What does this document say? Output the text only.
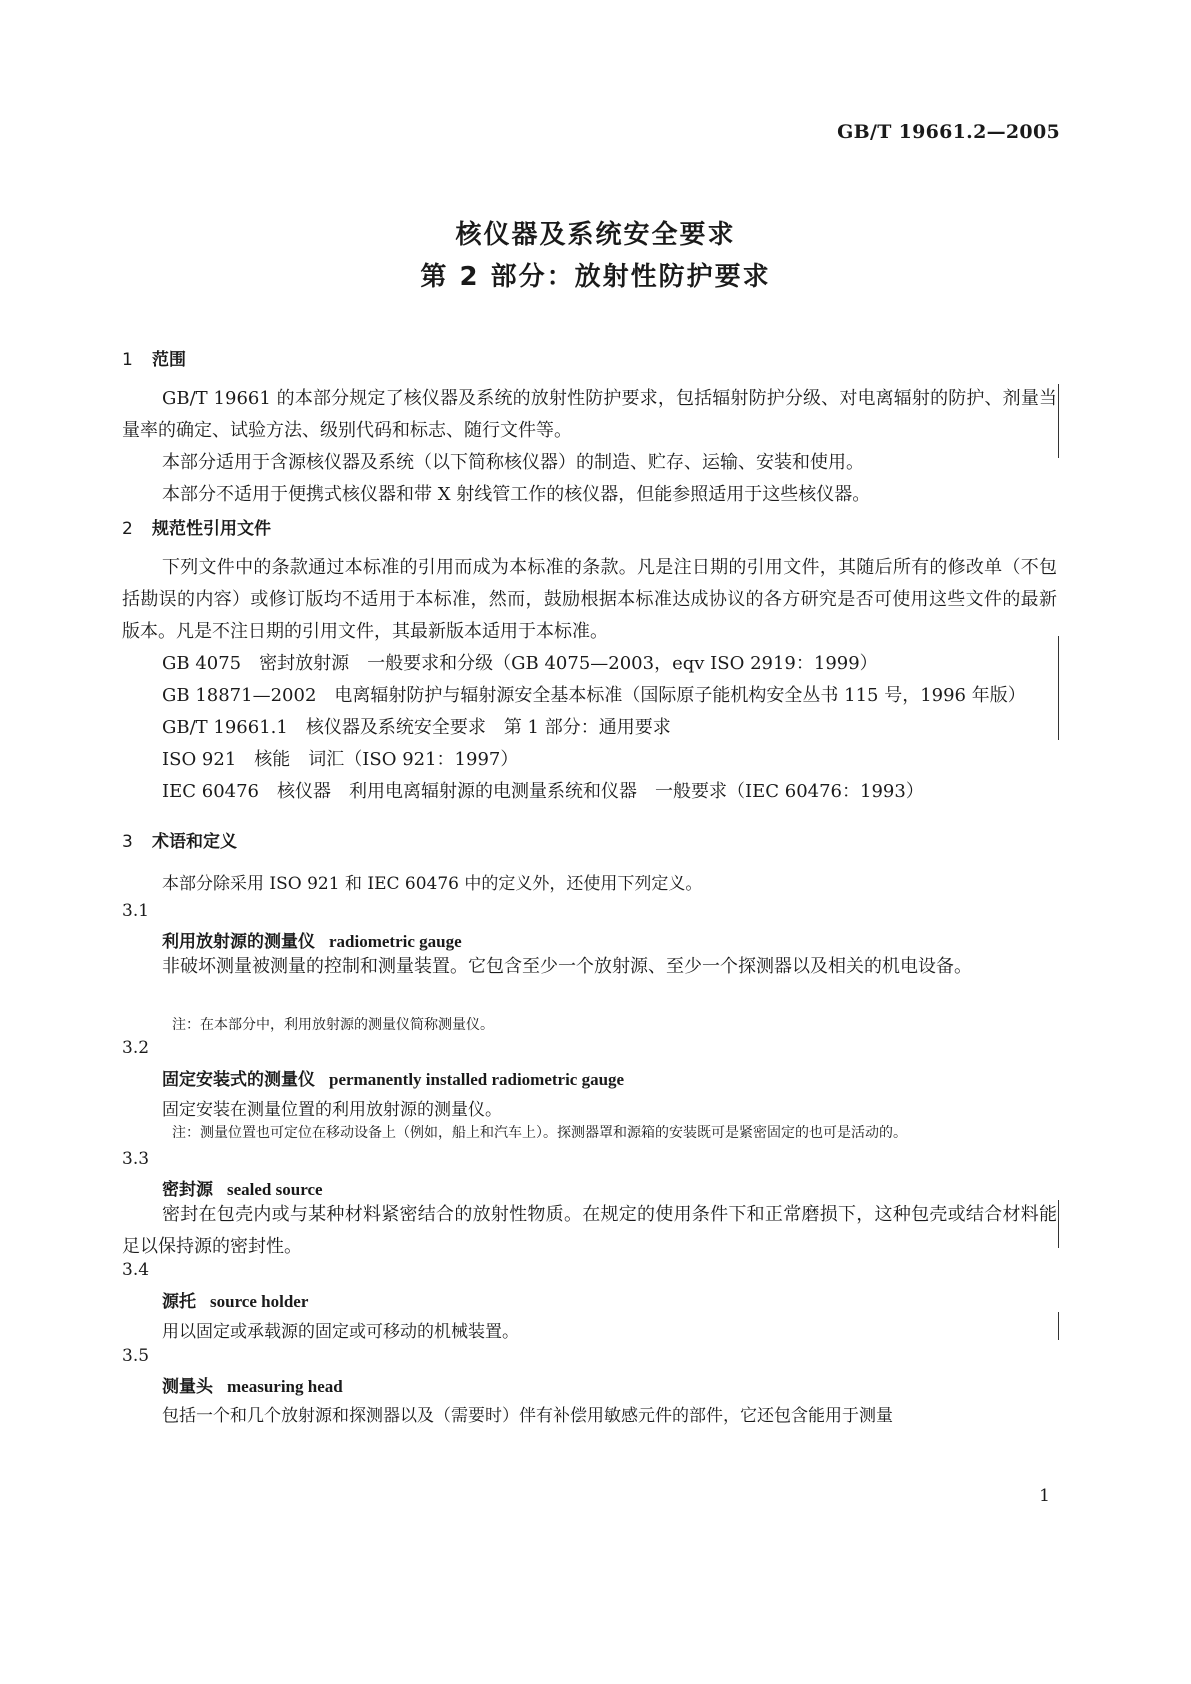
GB/T 19661.2—2005
核仪器及系统安全要求
第 2 部分：放射性防护要求
1 范围

GB/T 19661 的本部分规定了核仪器及系统的放射性防护要求，包括辐射防护分级、对电离辐射的防护、剂量当量率的确定、试验方法、级别代码和标志、随行文件等。

本部分适用于含源核仪器及系统（以下简称核仪器）的制造、贮存、运输、安装和使用。

本部分不适用于便携式核仪器和带 X 射线管工作的核仪器，但能参照适用于这些核仪器。

2 规范性引用文件

下列文件中的条款通过本标准的引用而成为本标准的条款。凡是注日期的引用文件，其随后所有的修改单（不包括勘误的内容）或修订版均不适用于本标准，然而，鼓励根据本标准达成协议的各方研究是否可使用这些文件的最新版本。凡是不注日期的引用文件，其最新版本适用于本标准。

GB 4075　密封放射源　一般要求和分级（GB 4075—2003，eqv ISO 2919：1999）

GB 18871—2002　电离辐射防护与辐射源安全基本标准（国际原子能机构安全丛书 115 号，1996 年版）

GB/T 19661.1　核仪器及系统安全要求　第 1 部分：通用要求

ISO 921　核能　词汇（ISO 921：1997）

IEC 60476　核仪器　利用电离辐射源的电测量系统和仪器　一般要求（IEC 60476：1993）

3 术语和定义
本部分除采用 ISO 921 和 IEC 60476 中的定义外，还使用下列定义。
3.1
利用放射源的测量仪 radiometric gauge

非破坏测量被测量的控制和测量装置。它包含至少一个放射源、至少一个探测器以及相关的机电设备。

注：在本部分中，利用放射源的测量仪简称测量仪。
3.2
固定安装式的测量仪 permanently installed radiometric gauge
固定安装在测量位置的利用放射源的测量仪。
注：测量位置也可定位在移动设备上（例如，船上和汽车上）。探测器罩和源箱的安装既可是紧密固定的也可是活动的。
3.3
密封源 sealed source

密封在包壳内或与某种材料紧密结合的放射性物质。在规定的使用条件下和正常磨损下，这种包壳或结合材料能足以保持源的密封性。

3.4
源托 source holder
用以固定或承载源的固定或可移动的机械装置。
3.5
测量头 measuring head
包括一个和几个放射源和探测器以及（需要时）伴有补偿用敏感元件的部件，它还包含能用于测量
1
